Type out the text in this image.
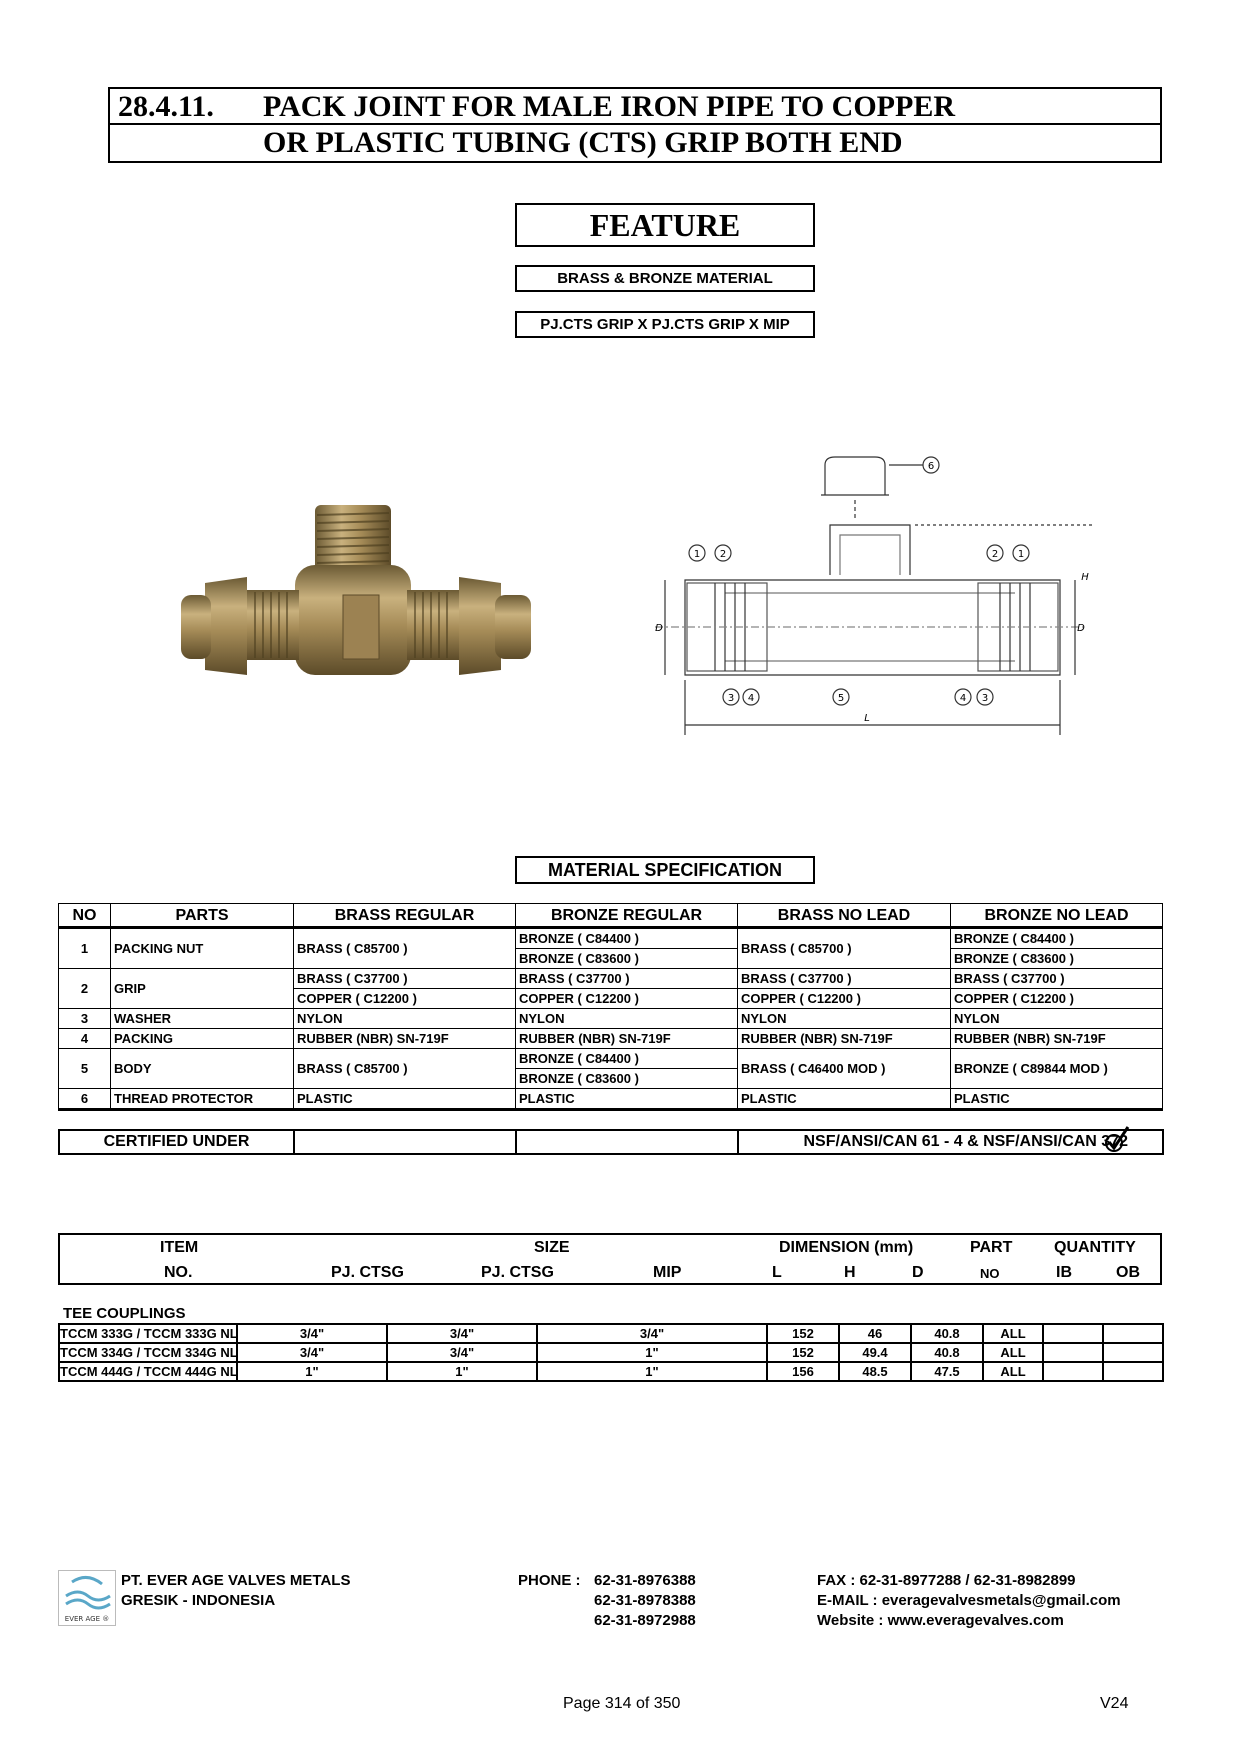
28.4.11. PACK JOINT FOR MALE IRON PIPE TO COPPER
OR PLASTIC TUBING (CTS) GRIP BOTH END
FEATURE
BRASS & BRONZE MATERIAL
PJ.CTS GRIP X PJ.CTS GRIP X MIP
6
1 2	2 1
3 4	5	4 3
D	D
H
L
MATERIAL SPECIFICATION
NO	PARTS	BRASS REGULAR	BRONZE REGULAR	BRASS NO LEAD	BRONZE NO LEAD
1	PACKING NUT	BRASS ( C85700 )	BRONZE ( C84400 )	BRASS ( C85700 )	BRONZE ( C84400 )
			BRONZE ( C83600 )		BRONZE ( C83600 )
2	GRIP	BRASS ( C37700 )	BRASS ( C37700 )	BRASS ( C37700 )	BRASS ( C37700 )
		COPPER ( C12200 )	COPPER ( C12200 )	COPPER ( C12200 )	COPPER ( C12200 )
3	WASHER	NYLON	NYLON	NYLON	NYLON
4	PACKING	RUBBER (NBR) SN-719F	RUBBER (NBR) SN-719F	RUBBER (NBR) SN-719F	RUBBER (NBR) SN-719F
5	BODY	BRASS ( C85700 )	BRONZE ( C84400 )	BRASS ( C46400 MOD )	BRONZE ( C89844 MOD )
			BRONZE ( C83600 )		
6	THREAD PROTECTOR	PLASTIC	PLASTIC	PLASTIC	PLASTIC
CERTIFIED UNDER			NSF/ANSI/CAN 61 - 4 & NSF/ANSI/CAN 372
ITEM
NO.
SIZE
PJ. CTSG	PJ. CTSG	MIP
DIMENSION (mm)
L	H	D
PART
NO
QUANTITY
IB	OB
TEE COUPLINGS
TCCM 333G / TCCM 333G NL	3/4"	3/4"	3/4"	152	46	40.8	ALL		
TCCM 334G / TCCM 334G NL	3/4"	3/4"	1"	152	49.4	40.8	ALL		
TCCM 444G / TCCM 444G NL	1"	1"	1"	156	48.5	47.5	ALL		
EVER AGE ®
PT. EVER AGE VALVES METALS
GRESIK - INDONESIA
PHONE : 62-31-8976388
62-31-8978388
62-31-8972988
FAX : 62-31-8977288 / 62-31-8982899
E-MAIL : everagevalvesmetals@gmail.com
Website : www.everagevalves.com
Page 314 of 350	V24
